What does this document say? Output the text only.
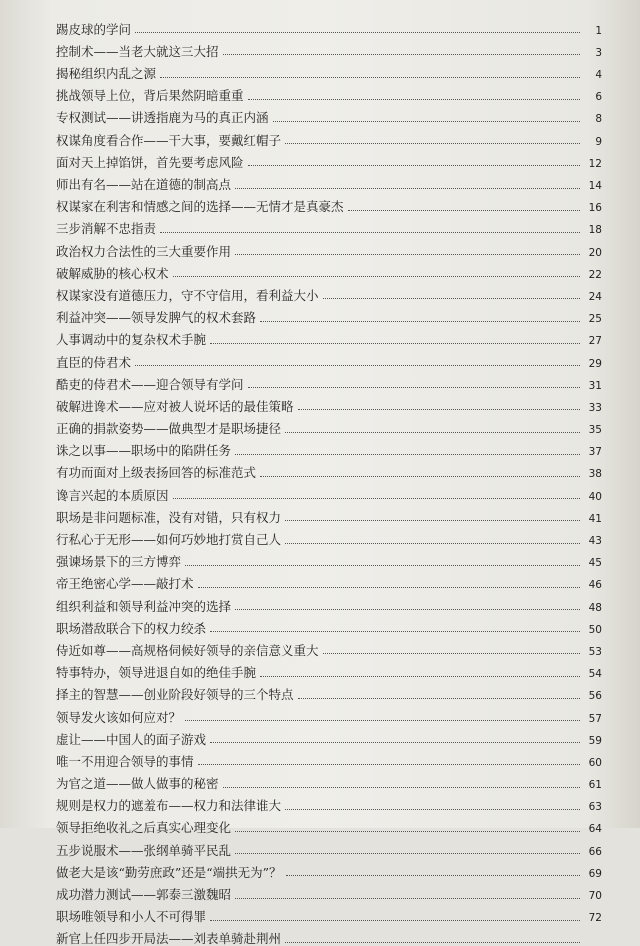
踢皮球的学问	1
控制术——当老大就这三大招	3
揭秘组织内乱之源	4
挑战领导上位，背后果然阴暗重重	6
专权测试——讲透指鹿为马的真正内涵	8
权谋角度看合作——干大事，要戴红帽子	9
面对天上掉馅饼，首先要考虑风险	12
师出有名——站在道德的制高点	14
权谋家在利害和情感之间的选择——无情才是真豪杰	16
三步消解不忠指责	18
政治权力合法性的三大重要作用	20
破解威胁的核心权术	22
权谋家没有道德压力，守不守信用，看利益大小	24
利益冲突——领导发脾气的权术套路	25
人事调动中的复杂权术手腕	27
直臣的侍君术	29
酷吏的侍君术——迎合领导有学问	31
破解进谗术——应对被人说坏话的最佳策略	33
正确的捐款姿势——做典型才是职场捷径	35
诛之以事——职场中的陷阱任务	37
有功而面对上级表扬回答的标准范式	38
谗言兴起的本质原因	40
职场是非问题标准，没有对错，只有权力	41
行私心于无形——如何巧妙地打赏自己人	43
强谏场景下的三方博弈	45
帝王绝密心学——敲打术	46
组织利益和领导利益冲突的选择	48
职场潜敌联合下的权力绞杀	50
侍近如尊——高规格伺候好领导的亲信意义重大	53
特事特办，领导进退自如的绝佳手腕	54
择主的智慧——创业阶段好领导的三个特点	56
领导发火该如何应对？	57
虚让——中国人的面子游戏	59
唯一不用迎合领导的事情	60
为官之道——做人做事的秘密	61
规则是权力的遮羞布——权力和法律谁大	63
领导拒绝收礼之后真实心理变化	64
五步说服术——张纲单骑平民乱	66
做老大是该“勤劳庶政”还是“端拱无为”？	69
成功潜力测试——郭泰三激魏昭	70
职场唯领导和小人不可得罪	72
新官上任四步开局法——刘表单骑赴荆州
